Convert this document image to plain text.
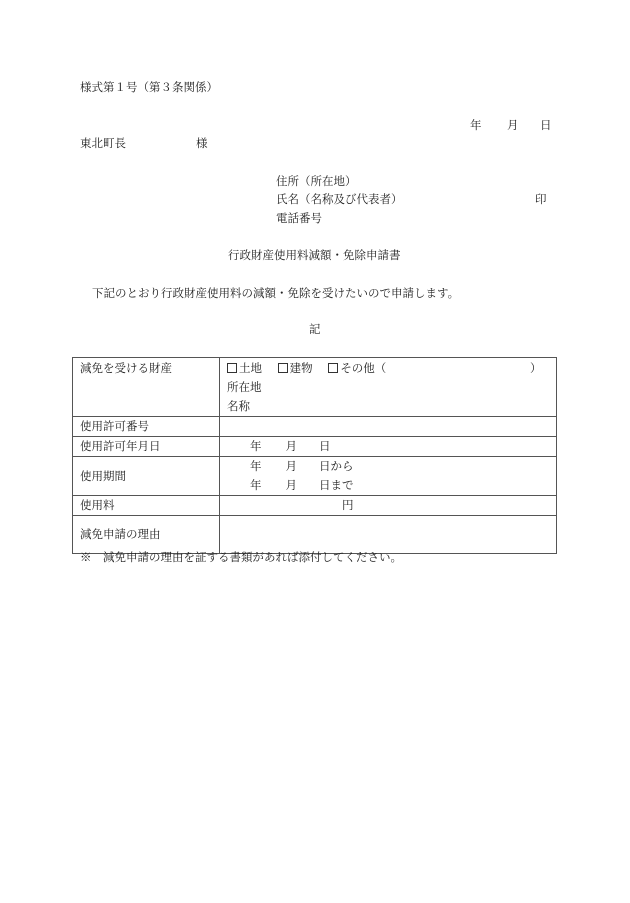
様式第１号（第３条関係）
年 月 日
東北町長	様
住所（所在地）
氏名（名称及び代表者）	印
電話番号
行政財産使用料減額・免除申請書
下記のとおり行政財産使用料の減額・免除を受けたいので申請します。
記
減免を受ける財産	土地 建物 その他（ ）
所在地
名称

使用許可番号	
使用許可年月日	年 月 日
使用期間	年 月 日から
年 月 日まで

使用料	円
減免申請の理由	
※　減免申請の理由を証する書類があれば添付してください。
